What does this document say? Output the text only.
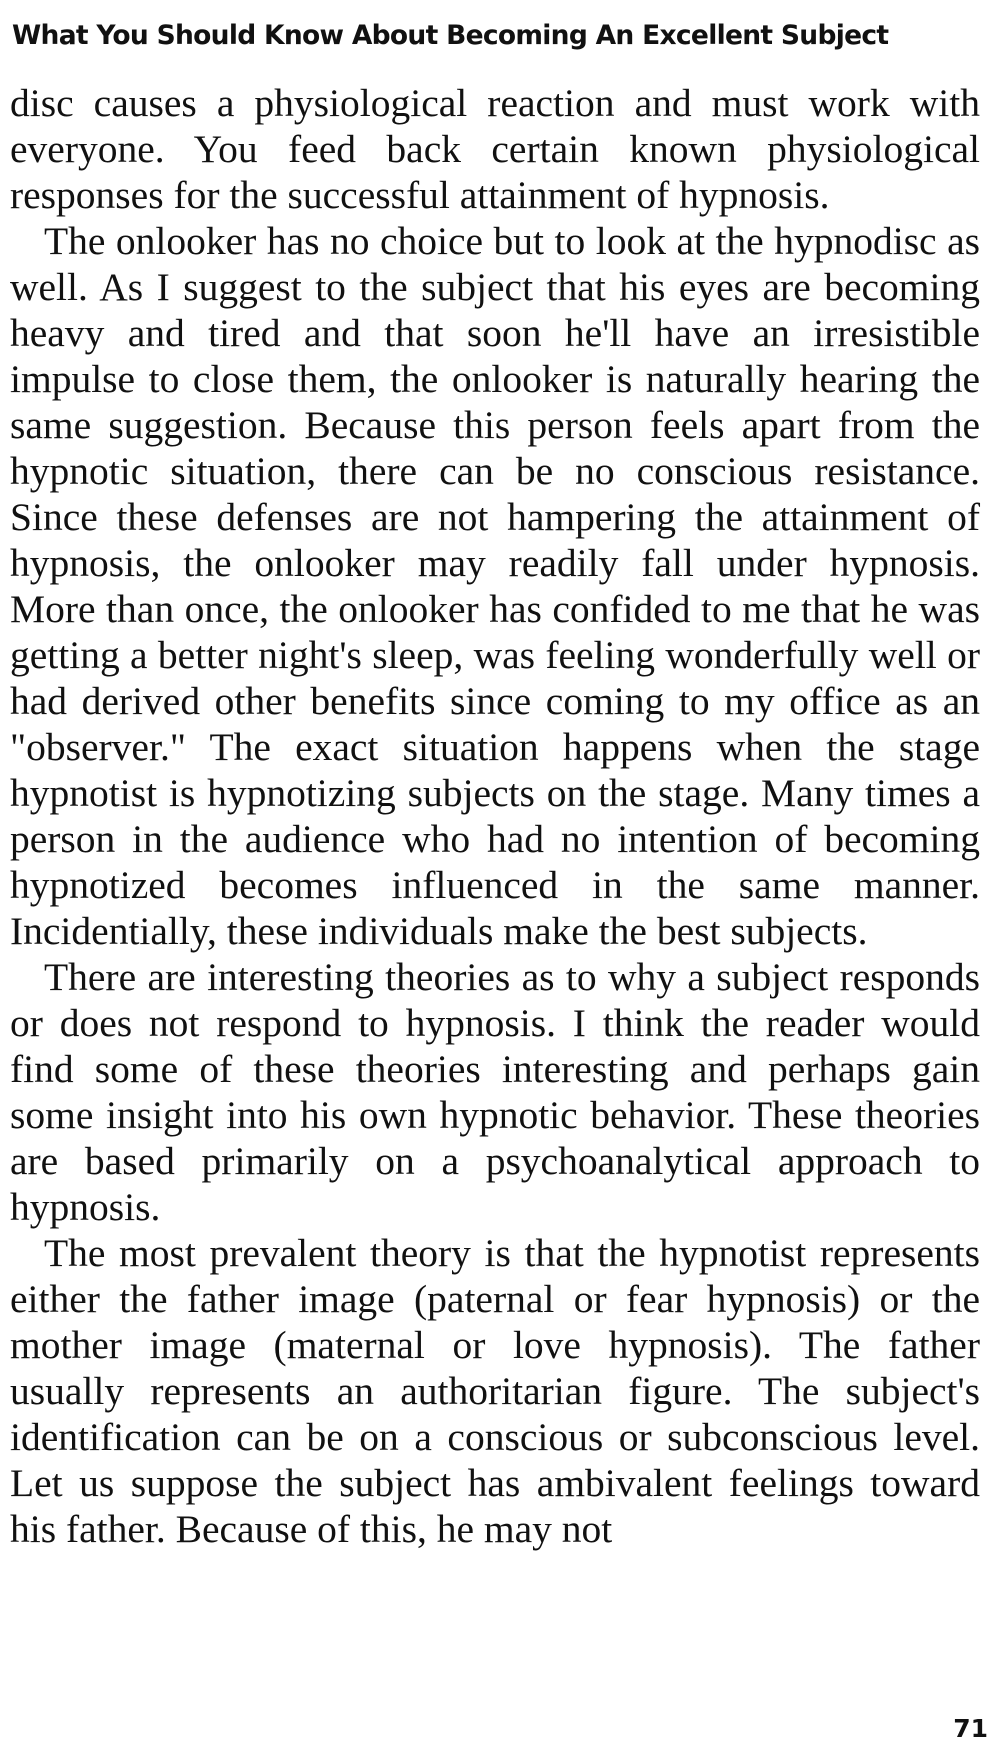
What You Should Know About Becoming An Excellent Subject

disc causes a physiological reaction and must work with everyone. You feed back certain known physiological responses for the successful attainment of hypnosis.

The onlooker has no choice but to look at the hypnodisc as well. As I suggest to the subject that his eyes are becoming heavy and tired and that soon he'll have an irresistible impulse to close them, the onlooker is naturally hearing the same suggestion. Because this person feels apart from the hypnotic situation, there can be no conscious resistance. Since these defenses are not hampering the attainment of hypnosis, the onlooker may readily fall under hypnosis. More than once, the onlooker has confided to me that he was getting a better night's sleep, was feeling wonderfully well or had derived other benefits since coming to my office as an "observer." The exact situation happens when the stage hypnotist is hypnotizing subjects on the stage. Many times a person in the audience who had no intention of becoming hypnotized becomes influenced in the same manner. Incidentially, these individuals make the best subjects.

There are interesting theories as to why a subject responds or does not respond to hypnosis. I think the reader would find some of these theories interesting and perhaps gain some insight into his own hypnotic behavior. These theories are based primarily on a psychoanalytical approach to hypnosis.

The most prevalent theory is that the hypnotist represents either the father image (paternal or fear hypnosis) or the mother image (maternal or love hypnosis). The father usually represents an authoritarian figure. The subject's identification can be on a conscious or subconscious level. Let us suppose the subject has ambivalent feelings toward his father. Because of this, he may not

71
